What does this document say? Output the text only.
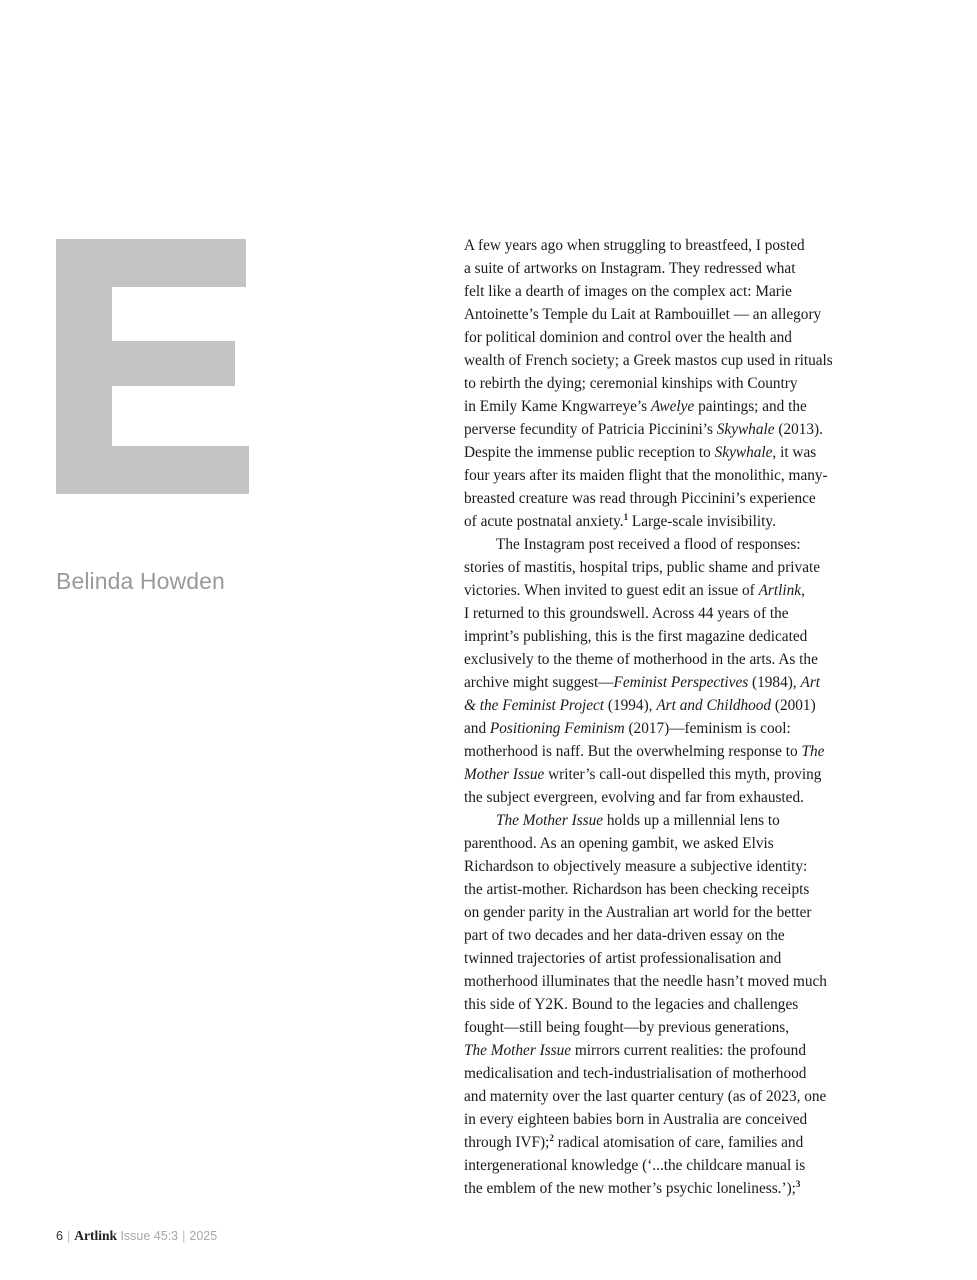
Belinda Howden
A few years ago when struggling to breastfeed, I posted
a suite of artworks on Instagram. They redressed what
felt like a dearth of images on the complex act: Marie
Antoinette’s Temple du Lait at Rambouillet — an allegory
for political dominion and control over the health and
wealth of French society; a Greek mastos cup used in rituals
to rebirth the dying; ceremonial kinships with Country
in Emily Kame Kngwarreye’s Awelye paintings; and the
perverse fecundity of Patricia Piccinini’s Skywhale (2013).
Despite the immense public reception to Skywhale, it was
four years after its maiden flight that the monolithic, many-
breasted creature was read through Piccinini’s experience
of acute postnatal anxiety.$^1$ Large-scale invisibility.
The Instagram post received a flood of responses:
stories of mastitis, hospital trips, public shame and private
victories. When invited to guest edit an issue of Artlink,
I returned to this groundswell. Across 44 years of the
imprint’s publishing, this is the first magazine dedicated
exclusively to the theme of motherhood in the arts. As the
archive might suggest—Feminist Perspectives (1984), Art
& the Feminist Project (1994), Art and Childhood (2001)
and Positioning Feminism (2017)—feminism is cool:
motherhood is naff. But the overwhelming response to The
Mother Issue writer’s call-out dispelled this myth, proving
the subject evergreen, evolving and far from exhausted.
The Mother Issue holds up a millennial lens to
parenthood. As an opening gambit, we asked Elvis
Richardson to objectively measure a subjective identity:
the artist-mother. Richardson has been checking receipts
on gender parity in the Australian art world for the better
part of two decades and her data-driven essay on the
twinned trajectories of artist professionalisation and
motherhood illuminates that the needle hasn’t moved much
this side of Y2K. Bound to the legacies and challenges
fought—still being fought—by previous generations,
The Mother Issue mirrors current realities: the profound
medicalisation and tech-industrialisation of motherhood
and maternity over the last quarter century (as of 2023, one
in every eighteen babies born in Australia are conceived
through IVF);$^2$ radical atomisation of care, families and
intergenerational knowledge (‘...the childcare manual is
the emblem of the new mother’s psychic loneliness.’);$^3$
6 | Artlink Issue 45:3 | 2025
